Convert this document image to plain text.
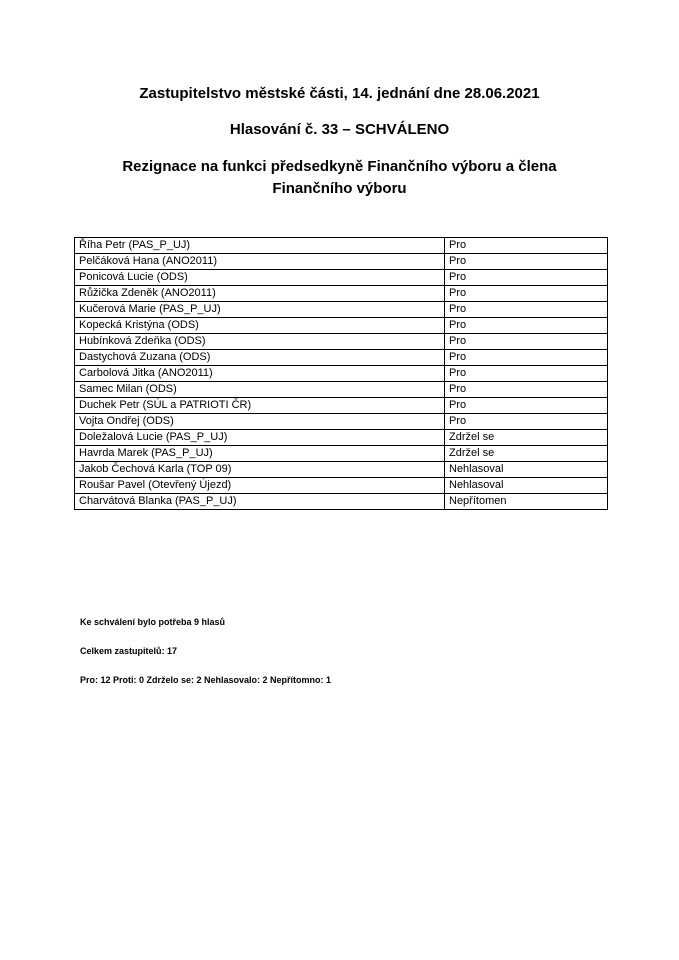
Zastupitelstvo městské části, 14. jednání dne 28.06.2021

Hlasování č. 33 – SCHVÁLENO

Rezignace na funkci předsedkyně Finančního výboru a člena Finančního výboru

Říha Petr (PAS_P_UJ)	Pro
Pelčáková Hana (ANO2011)	Pro
Ponicová Lucie (ODS)	Pro
Růžička Zdeněk (ANO2011)	Pro
Kučerová Marie (PAS_P_UJ)	Pro
Kopecká Kristýna (ODS)	Pro
Hubínková Zdeňka (ODS)	Pro
Dastychová Zuzana (ODS)	Pro
Carbolová Jitka (ANO2011)	Pro
Samec Milan (ODS)	Pro
Duchek Petr (SÚL a PATRIOTI ČR)	Pro
Vojta Ondřej (ODS)	Pro
Doležalová Lucie (PAS_P_UJ)	Zdržel se
Havrda Marek (PAS_P_UJ)	Zdržel se
Jakob Čechová Karla (TOP 09)	Nehlasoval
Roušar Pavel (Otevřený Újezd)	Nehlasoval
Charvátová Blanka (PAS_P_UJ)	Nepřítomen

Ke schválení bylo potřeba 9 hlasů

Celkem zastupitelů: 17

Pro: 12 Proti: 0 Zdrželo se: 2 Nehlasovalo: 2 Nepřítomno: 1
